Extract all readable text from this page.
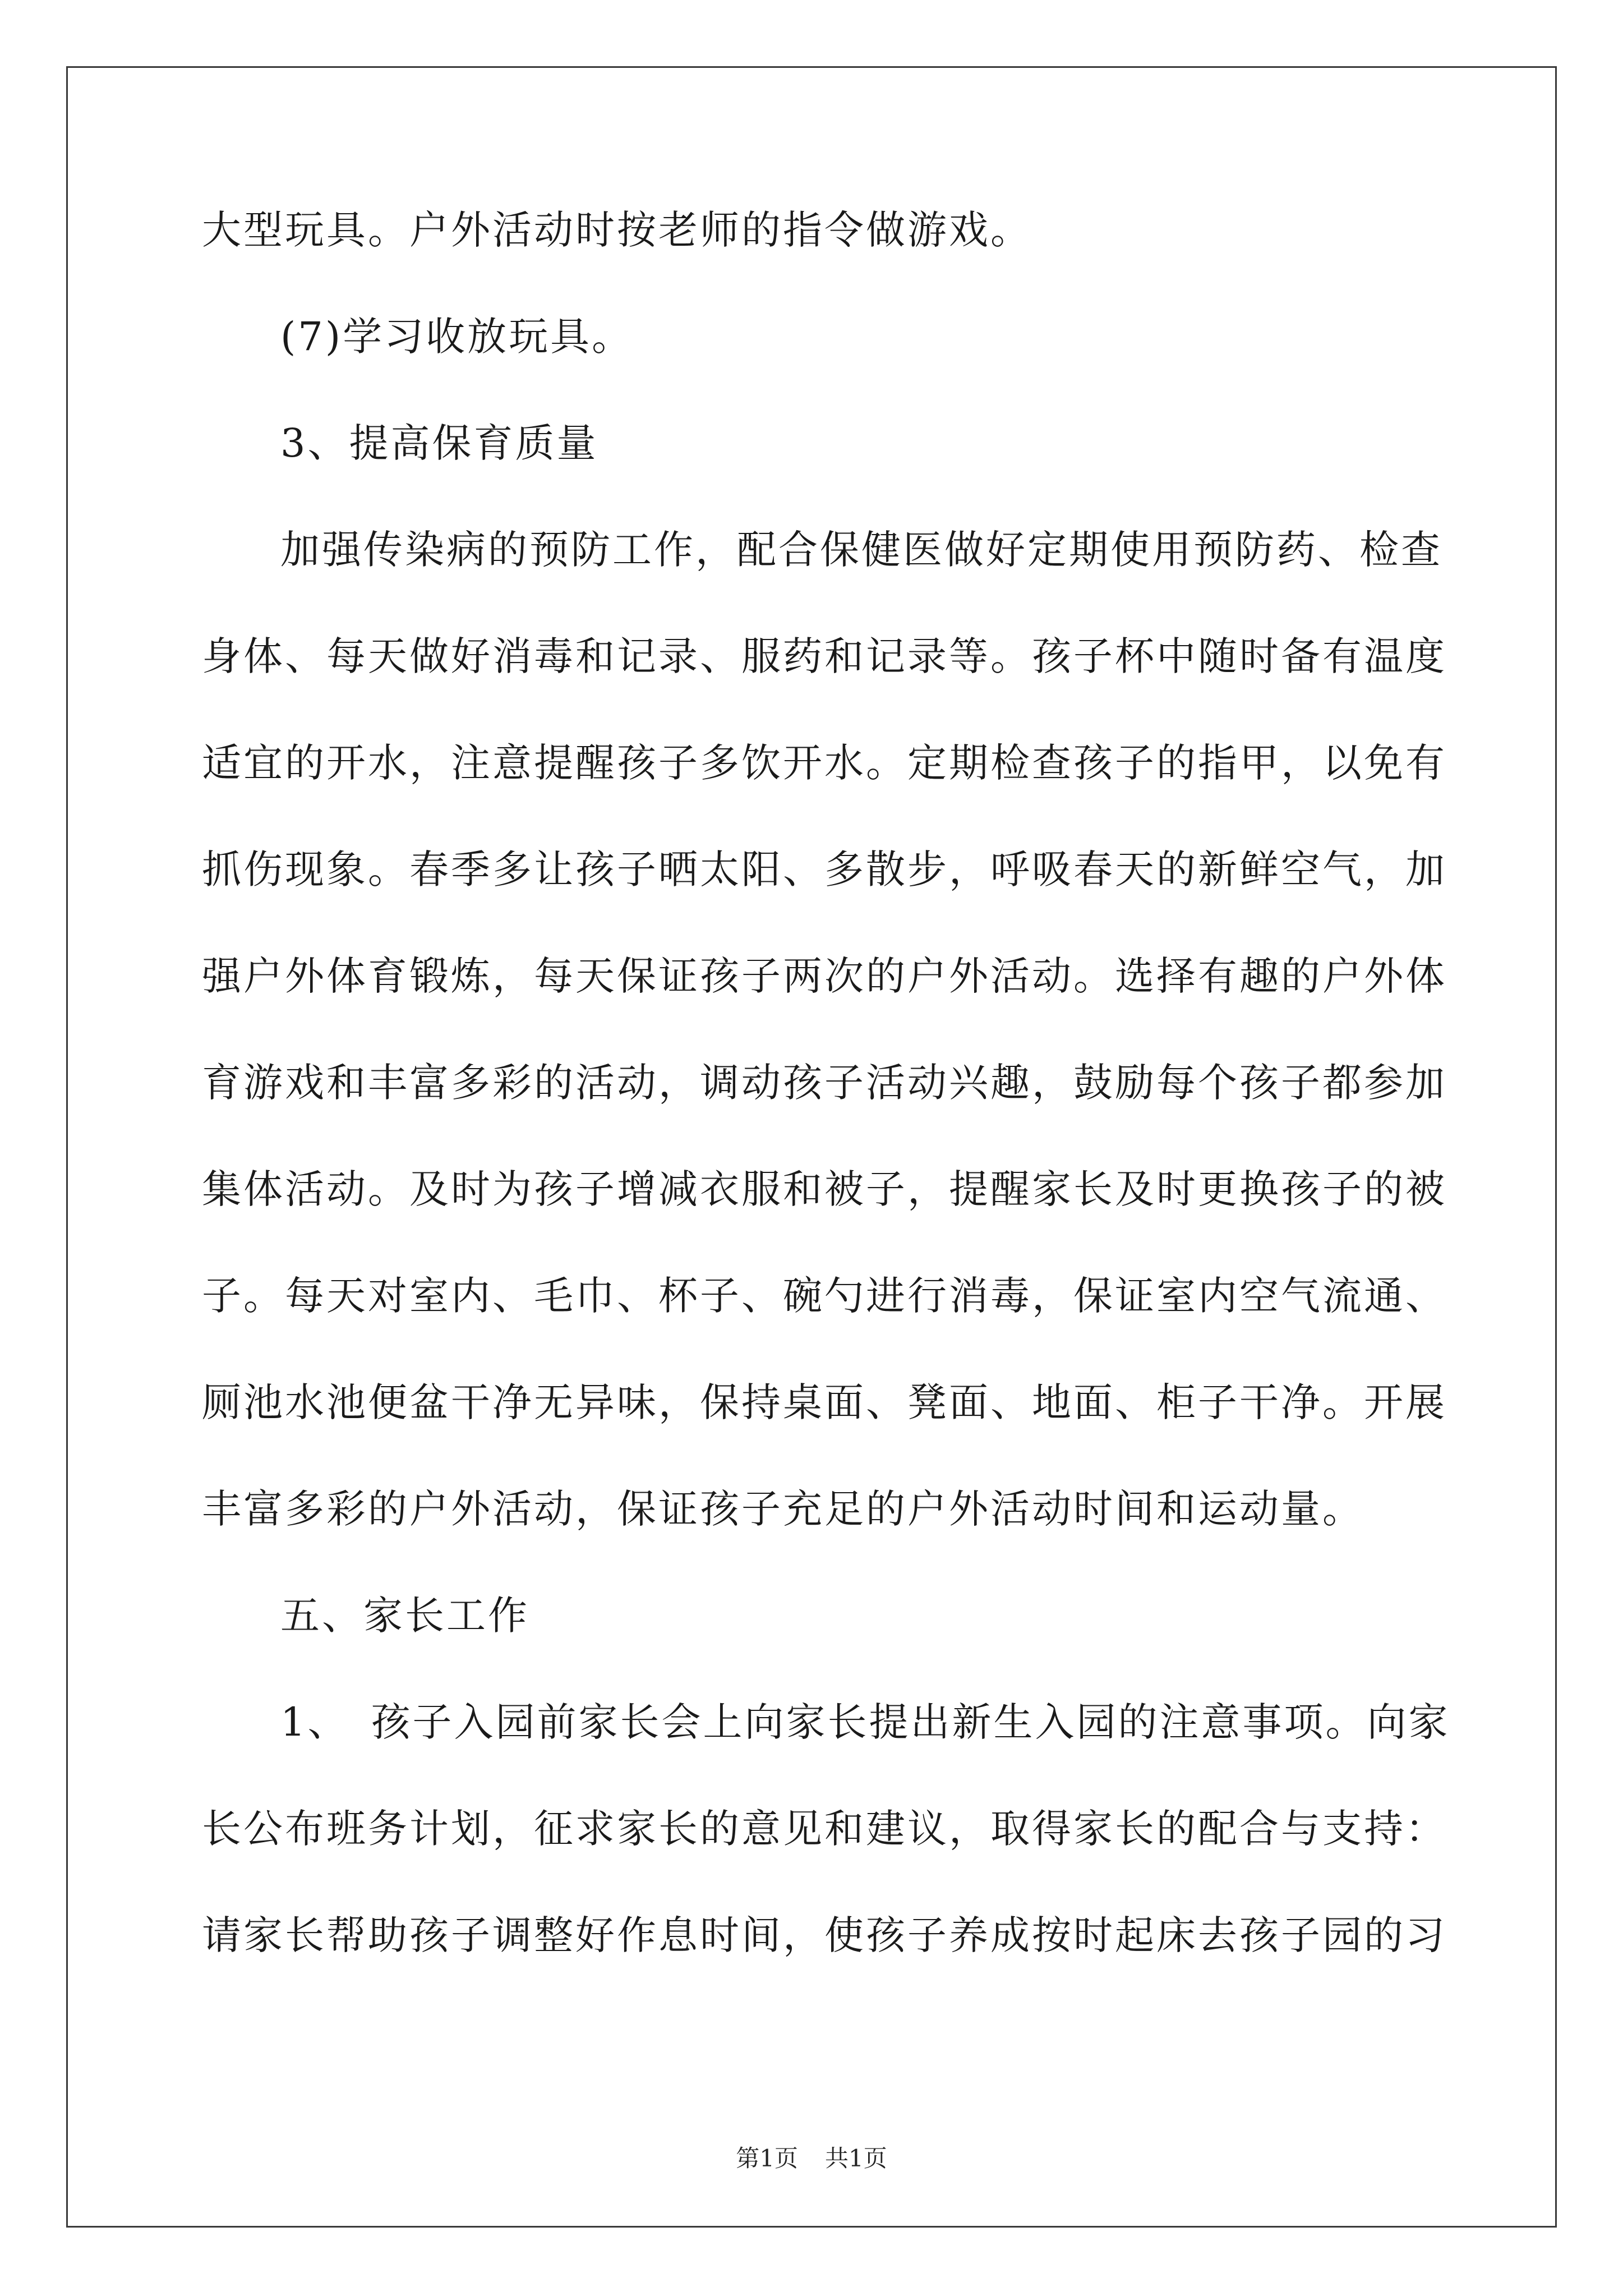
大型玩具。户外活动时按老师的指令做游戏。
(7)学习收放玩具。
3、提高保育质量
加强传染病的预防工作，配合保健医做好定期使用预防药、检查
身体、每天做好消毒和记录、服药和记录等。孩子杯中随时备有温度
适宜的开水，注意提醒孩子多饮开水。定期检查孩子的指甲，以免有
抓伤现象。春季多让孩子晒太阳、多散步，呼吸春天的新鲜空气，加
强户外体育锻炼，每天保证孩子两次的户外活动。选择有趣的户外体
育游戏和丰富多彩的活动，调动孩子活动兴趣，鼓励每个孩子都参加
集体活动。及时为孩子增减衣服和被子，提醒家长及时更换孩子的被
子。每天对室内、毛巾、杯子、碗勺进行消毒，保证室内空气流通、
厕池水池便盆干净无异味，保持桌面、凳面、地面、柜子干净。开展
丰富多彩的户外活动，保证孩子充足的户外活动时间和运动量。
五、家长工作
1、　孩子入园前家长会上向家长提出新生入园的注意事项。向家
长公布班务计划，征求家长的意见和建议，取得家长的配合与支持：
请家长帮助孩子调整好作息时间，使孩子养成按时起床去孩子园的习
第1页 共1页
